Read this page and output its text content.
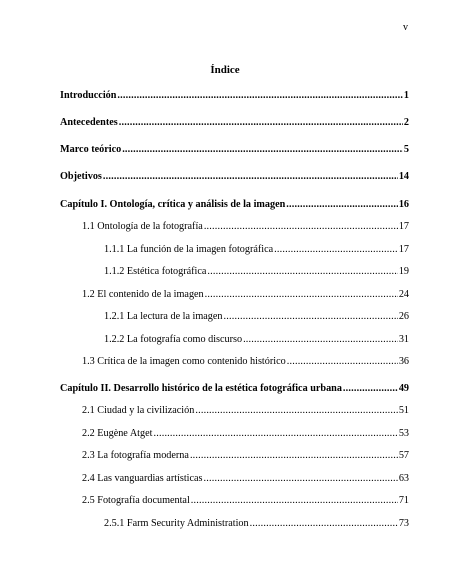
v
Índice
Introducción .....	1
Antecedentes .....	2
Marco teórico .....	5
Objetivos .....	14
Capítulo I. Ontología, crítica y análisis de la imagen .....	16
1.1 Ontología de la fotografía .....	17
1.1.1 La función de la imagen fotográfica .....	17
1.1.2 Estética fotográfica .....	19
1.2 El contenido de la imagen .....	24
1.2.1 La lectura de la imagen .....	26
1.2.2 La fotografía como discurso .....	31
1.3 Crítica de la imagen como contenido histórico .....	36
Capítulo II. Desarrollo histórico de la estética fotográfica urbana .....	49
2.1 Ciudad y la civilización .....	51
2.2 Eugène Atget .....	53
2.3 La fotografía moderna .....	57
2.4 Las vanguardias artísticas .....	63
2.5 Fotografía documental .....	71
2.5.1 Farm Security Administration .....	73
